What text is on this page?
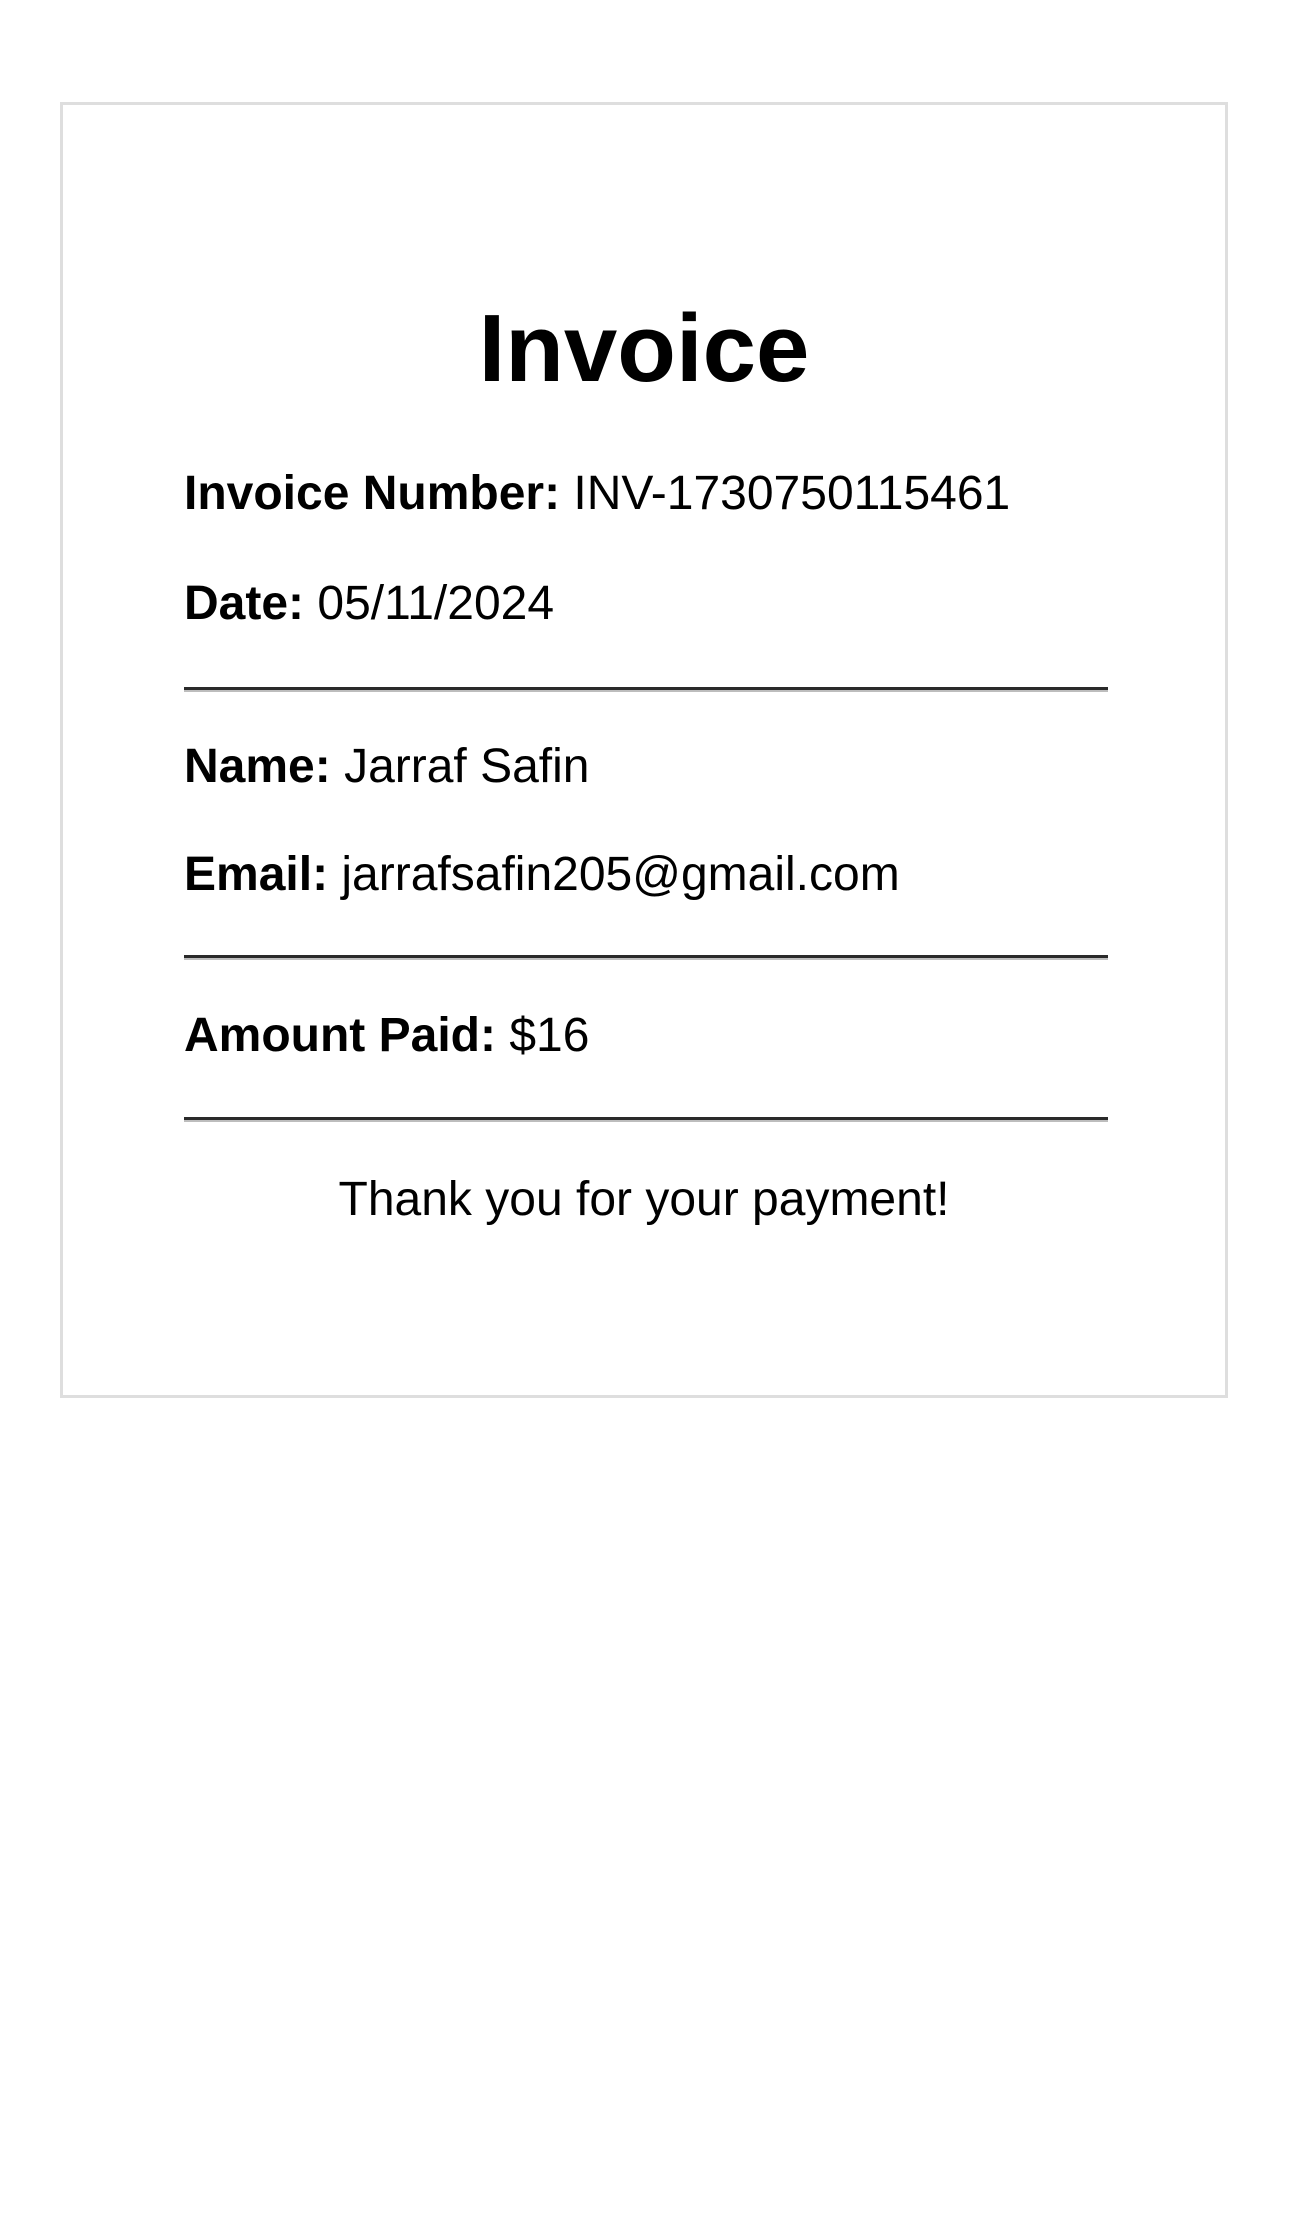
Invoice

Invoice Number: INV-1730750115461

Date: 05/11/2024

Name: Jarraf Safin

Email: jarrafsafin205@gmail.com

Amount Paid: $16

Thank you for your payment!
